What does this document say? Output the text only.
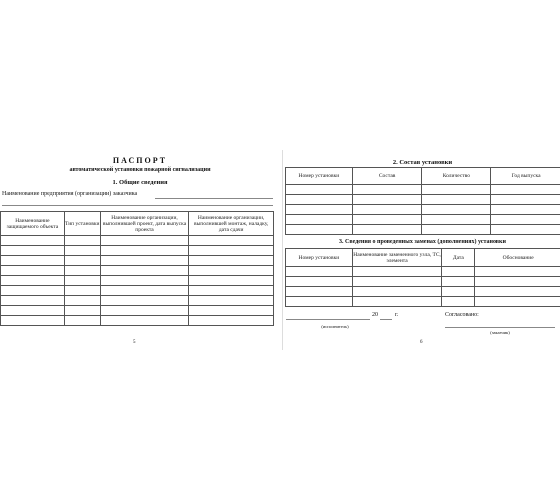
ПАСПОРТ
автоматической установки пожарной сигнализации
1. Общие сведения
Наименование предприятия (организации) заказчика
Наименование защищаемого объекта	Тип установки	Наименование организации, выполнившей проект, дата выпуска проекта	Наименование организации, выполнившей монтаж, наладку, дата сдачи

5
2. Состав установки
Номер установки	Состав	Количество	Год выпуска

3. Сведения о проведенных заменах (дополнениях) установки
Номер установки	Наименование замененного узла, ТС, элемента	Дата	Обоснование

20	г.	Согласовано:
(исполнитель)
(заказчик)
6
